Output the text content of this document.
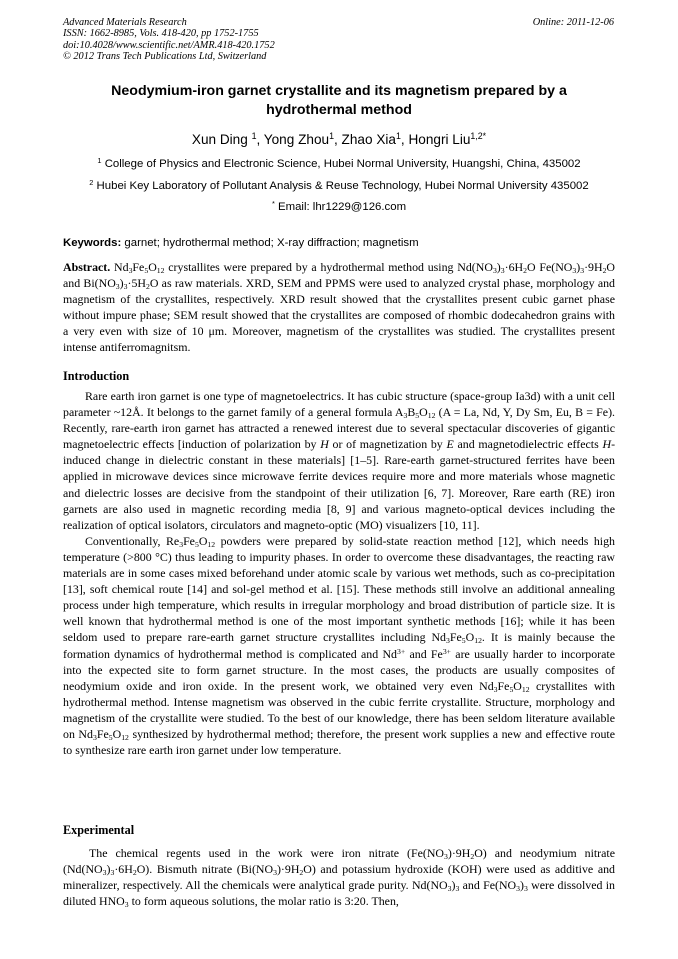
Advanced Materials Research
ISSN: 1662-8985, Vols. 418-420, pp 1752-1755
doi:10.4028/www.scientific.net/AMR.418-420.1752
© 2012 Trans Tech Publications Ltd, Switzerland
Online: 2011-12-06
Neodymium-iron garnet crystallite and its magnetism prepared by a
hydrothermal method
Xun Ding $^1$, Yong Zhou$^1$, Zhao Xia$^1$, Hongri Liu$^{1,2*}$
$^1$ College of Physics and Electronic Science, Hubei Normal University, Huangshi, China, 435002
$^2$ Hubei Key Laboratory of Pollutant Analysis & Reuse Technology, Hubei Normal University 435002
* Email: lhr1229@126.com
Keywords: garnet; hydrothermal method; X-ray diffraction; magnetism

Abstract. $Nd_3Fe_5O_{12}$ crystallites were prepared by a hydrothermal method using $Nd(NO_3)_3\cdot 6H_2O$ $Fe(NO_3)_3\cdot 9H_2O$ and $Bi(NO_3)_3\cdot 5H_2O$ as raw materials. XRD, SEM and PPMS were used to analyzed crystal phase, morphology and magnetism of the crystallites, respectively. XRD result showed that the crystallites present cubic garnet phase without impure phase; SEM result showed that the crystallites are composed of rhombic dodecahedron grains with a very even with size of 10 μm. Moreover, magnetism of the crystallites was studied. The crystallites present intense antiferromagnitsm.

Introduction

Rare earth iron garnet is one type of magnetoelectrics. It has cubic structure (space-group Ia3d) with a unit cell parameter ~12Å. It belongs to the garnet family of a general formula $A_3B_5O_{12}$ (A = La, Nd, Y, Dy Sm, Eu, B = Fe). Recently, rare-earth iron garnet has attracted a renewed interest due to several spectacular discoveries of gigantic magnetoelectric effects [induction of polarization by H or of magnetization by E and magnetodielectric effects H-induced change in dielectric constant in these materials] [1–5]. Rare-earth garnet-structured ferrites have been applied in microwave devices since microwave ferrite devices require more and more materials whose magnetic and dielectric losses are decisive from the standpoint of their utilization [6, 7]. Moreover, Rare earth (RE) iron garnets are also used in magnetic recording media [8, 9] and various magneto-optical devices including the realization of optical isolators, circulators and magneto-optic (MO) visualizers [10, 11].

Conventionally, $Re_3Fe_5O_{12}$ powders were prepared by solid-state reaction method [12], which needs high temperature (>800 °C) thus leading to impurity phases. In order to overcome these disadvantages, the reacting raw materials are in some cases mixed beforehand under atomic scale by various wet methods, such as co-precipitation [13], soft chemical route [14] and sol-gel method et al. [15]. These methods still involve an additional annealing process under high temperature, which results in irregular morphology and broad distribution of particle size. It is well known that hydrothermal method is one of the most important synthetic methods [16]; while it has been seldom used to prepare rare-earth garnet structure crystallites including $Nd_3Fe_5O_{12}$. It is mainly because the formation dynamics of hydrothermal method is complicated and $Nd^{3+}$ and $Fe^{3+}$ are usually harder to incorporate into the expected site to form garnet structure. In the most cases, the products are usually composites of neodymium oxide and iron oxide. In the present work, we obtained very even $Nd_3Fe_5O_{12}$ crystallites with hydrothermal method. Intense magnetism was observed in the cubic ferrite crystallite. Structure, morphology and magnetism of the crystallite were studied. To the best of our knowledge, there has been seldom literature available on $Nd_3Fe_5O_{12}$ synthesized by hydrothermal method; therefore, the present work supplies a new and effective route to synthesize rare earth iron garnet under low temperature.

Experimental

The chemical regents used in the work were iron nitrate $(Fe(NO_3)\cdot 9H_2O)$ and neodymium nitrate $(Nd(NO_3)_3\cdot 6H_2O)$. Bismuth nitrate $(Bi(NO_3)\cdot 9H_2O)$ and potassium hydroxide (KOH) were used as additive and mineralizer, respectively. All the chemicals were analytical grade purity. $Nd(NO_3)_3$ and $Fe(NO_3)_3$ were dissolved in diluted $HNO_3$ to form aqueous solutions, the molar ratio is 3:20. Then,
